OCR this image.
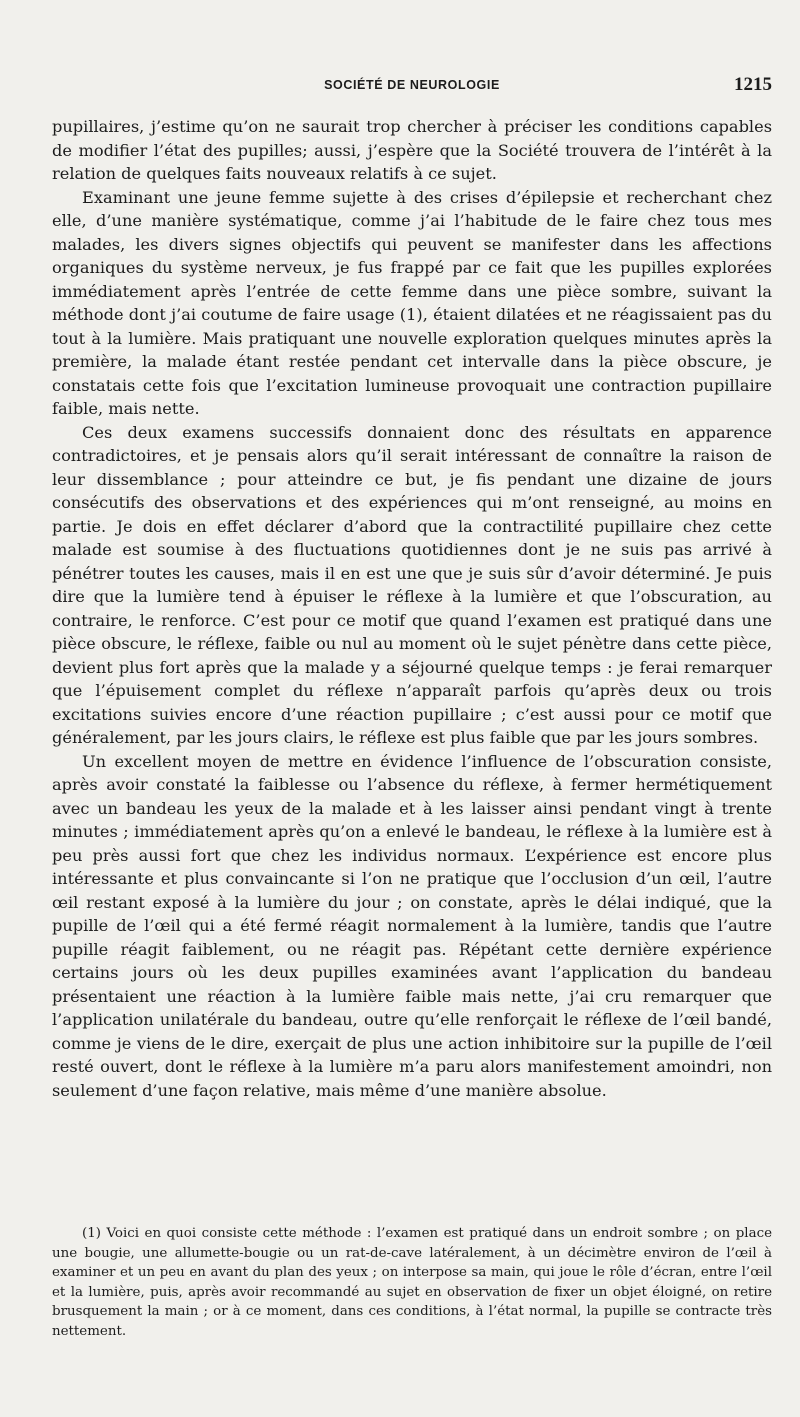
SOCIÉTÉ DE NEUROLOGIE	1215

pupillaires, j’estime qu’on ne saurait trop chercher à préciser les conditions capables de modifier l’état des pupilles; aussi, j’espère que la Société trouvera de l’intérêt à la relation de quelques faits nouveaux relatifs à ce sujet.

Examinant une jeune femme sujette à des crises d’épilepsie et recherchant chez elle, d’une manière systématique, comme j’ai l’habitude de le faire chez tous mes malades, les divers signes objectifs qui peuvent se manifester dans les affections organiques du système nerveux, je fus frappé par ce fait que les pupilles explorées immédiatement après l’entrée de cette femme dans une pièce sombre, suivant la méthode dont j’ai coutume de faire usage (1), étaient dilatées et ne réagissaient pas du tout à la lumière. Mais pratiquant une nouvelle exploration quelques minutes après la première, la malade étant restée pendant cet intervalle dans la pièce obscure, je constatais cette fois que l’excitation lumineuse provoquait une contraction pupillaire faible, mais nette.

Ces deux examens successifs donnaient donc des résultats en apparence contradictoires, et je pensais alors qu’il serait intéressant de connaître la raison de leur dissemblance ; pour atteindre ce but, je fis pendant une dizaine de jours consécutifs des observations et des expériences qui m’ont renseigné, au moins en partie. Je dois en effet déclarer d’abord que la contractilité pupillaire chez cette malade est soumise à des fluctuations quotidiennes dont je ne suis pas arrivé à pénétrer toutes les causes, mais il en est une que je suis sûr d’avoir déterminé. Je puis dire que la lumière tend à épuiser le réflexe à la lumière et que l’obscuration, au contraire, le renforce. C’est pour ce motif que quand l’examen est pratiqué dans une pièce obscure, le réflexe, faible ou nul au moment où le sujet pénètre dans cette pièce, devient plus fort après que la malade y a séjourné quelque temps : je ferai remarquer que l’épuisement complet du réflexe n’apparaît parfois qu’après deux ou trois excitations suivies encore d’une réaction pupillaire ; c’est aussi pour ce motif que généralement, par les jours clairs, le réflexe est plus faible que par les jours sombres.

Un excellent moyen de mettre en évidence l’influence de l’obscuration consiste, après avoir constaté la faiblesse ou l’absence du réflexe, à fermer hermétiquement avec un bandeau les yeux de la malade et à les laisser ainsi pendant vingt à trente minutes ; immédiatement après qu’on a enlevé le bandeau, le réflexe à la lumière est à peu près aussi fort que chez les individus normaux. L’expérience est encore plus intéressante et plus convaincante si l’on ne pratique que l’occlusion d’un œil, l’autre œil restant exposé à la lumière du jour ; on constate, après le délai indiqué, que la pupille de l’œil qui a été fermé réagit normalement à la lumière, tandis que l’autre pupille réagit faiblement, ou ne réagit pas. Répétant cette dernière expérience certains jours où les deux pupilles examinées avant l’application du bandeau présentaient une réaction à la lumière faible mais nette, j’ai cru remarquer que l’application unilatérale du bandeau, outre qu’elle renforçait le réflexe de l’œil bandé, comme je viens de le dire, exerçait de plus une action inhibitoire sur la pupille de l’œil resté ouvert, dont le réflexe à la lumière m’a paru alors manifestement amoindri, non seulement d’une façon relative, mais même d’une manière absolue.

(1) Voici en quoi consiste cette méthode : l’examen est pratiqué dans un endroit sombre ; on place une bougie, une allumette-bougie ou un rat-de-cave latéralement, à un décimètre environ de l’œil à examiner et un peu en avant du plan des yeux ; on interpose sa main, qui joue le rôle d’écran, entre l’œil et la lumière, puis, après avoir recommandé au sujet en observation de fixer un objet éloigné, on retire brusquement la main ; or à ce moment, dans ces conditions, à l’état normal, la pupille se contracte très nettement.
